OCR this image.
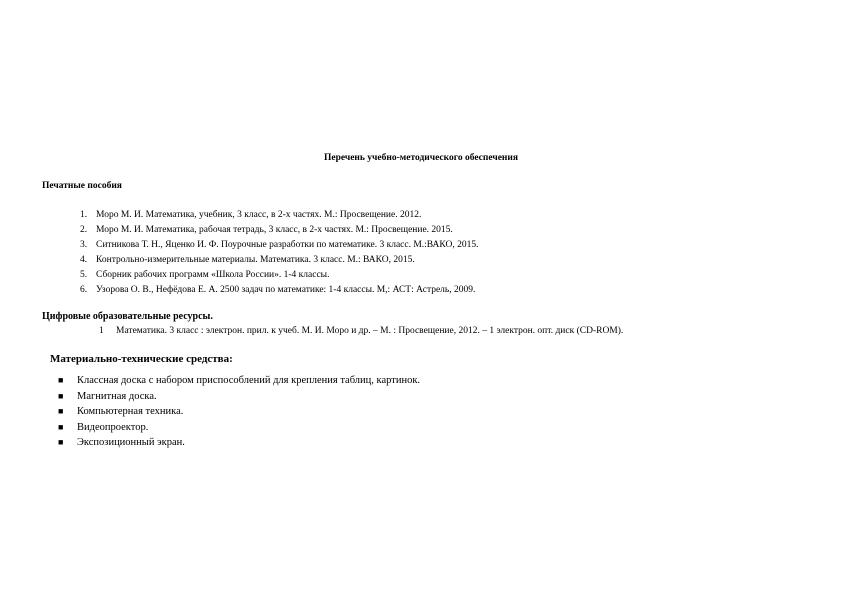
Перечень учебно-методического обеспечения
Печатные пособия
1. Моро М. И. Математика, учебник, 3 класс, в 2-х частях. М.: Просвещение. 2012.
2. Моро М. И. Математика, рабочая тетрадь, 3 класс, в 2-х частях. М.: Просвещение. 2015.
3. Ситникова Т. Н., Яценко И. Ф. Поурочные разработки по математике. 3 класс. М.:ВАКО, 2015.
4. Контрольно-измерительные материалы. Математика. 3 класс. М.: ВАКО, 2015.
5. Сборник рабочих программ «Школа России». 1-4 классы.
6. Узорова О. В., Нефёдова Е. А. 2500 задач по математике: 1-4 классы. М,: АСТ: Астрель, 2009.
Цифровые образовательные ресурсы.
1 Математика. 3 класс : электрон. прил. к учеб. М. И. Моро и др. – М. : Просвещение, 2012. – 1 электрон. опт. диск (CD-ROM).
Материально-технические средства:
■ Классная доска с набором приспособлений для крепления таблиц, картинок.
■ Магнитная доска.
■ Компьютерная техника.
■ Видеопроектор.
■ Экспозиционный экран.
